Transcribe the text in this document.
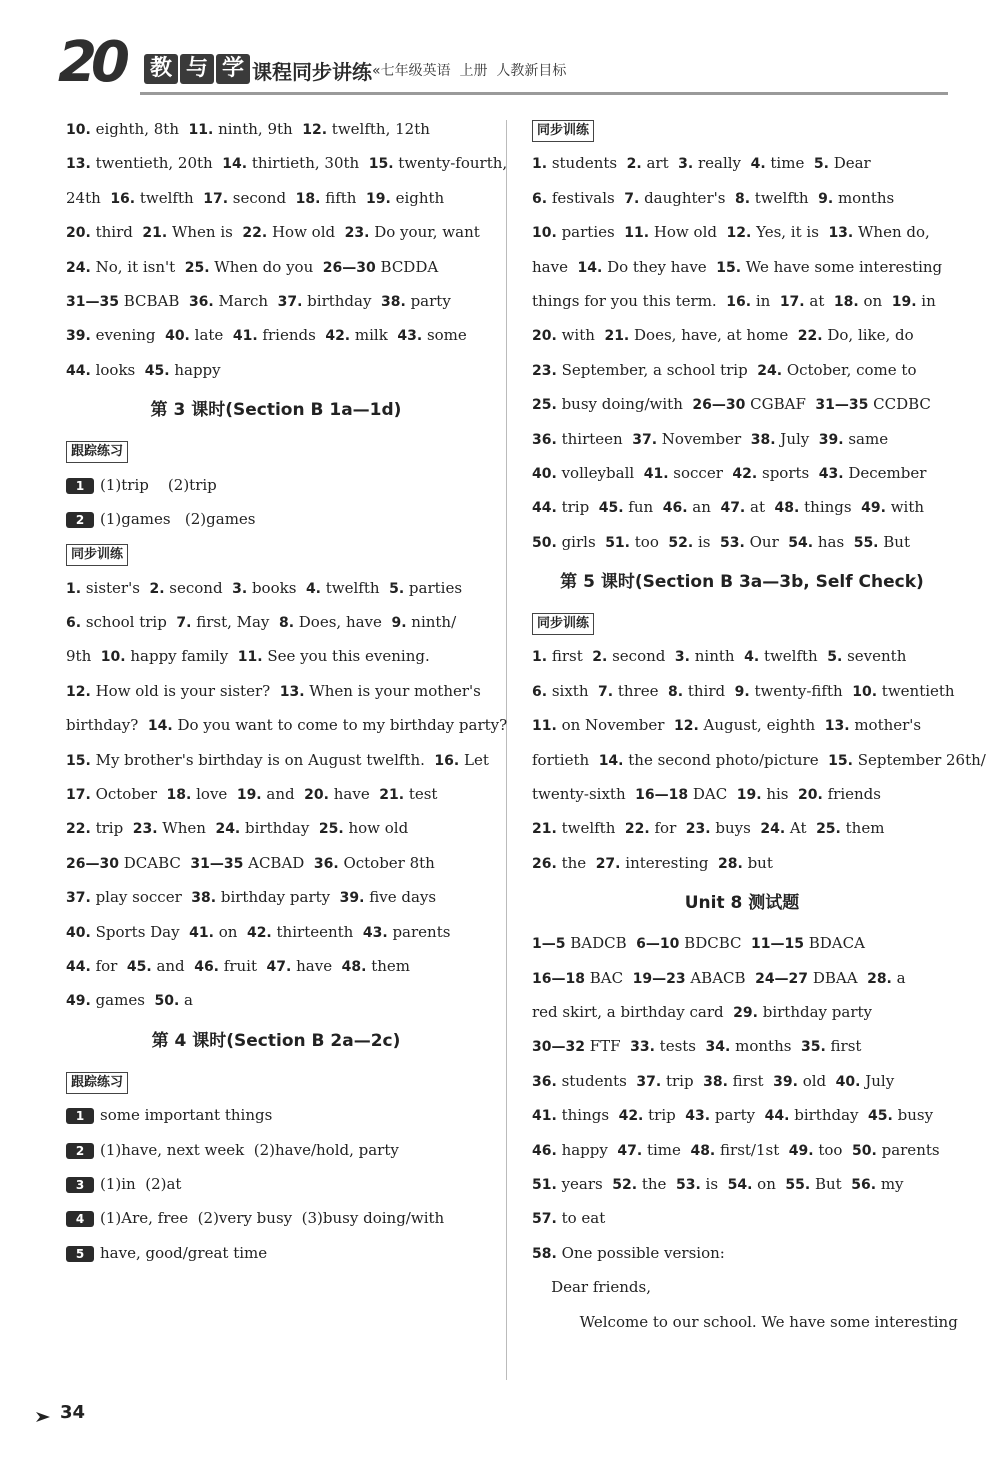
20 教 与 学 课程同步讲练 «七年级英语  上册  人教新目标
10. eighth, 8th  11. ninth, 9th  12. twelfth, 12th
13. twentieth, 20th  14. thirtieth, 30th  15. twenty-fourth,
24th  16. twelfth  17. second  18. fifth  19. eighth
20. third  21. When is  22. How old  23. Do your, want
24. No, it isn't  25. When do you  26—30 BCDDA
31—35 BCBAB  36. March  37. birthday  38. party
39. evening  40. late  41. friends  42. milk  43. some
44. looks  45. happy
第 3 课时(Section B 1a—1d)
跟踪练习
1 (1)trip    (2)trip
2 (1)games   (2)games
同步训练
1. sister's  2. second  3. books  4. twelfth  5. parties
6. school trip  7. first, May  8. Does, have  9. ninth/
9th  10. happy family  11. See you this evening.
12. How old is your sister?  13. When is your mother's
birthday?  14. Do you want to come to my birthday party?
15. My brother's birthday is on August twelfth.  16. Let
17. October  18. love  19. and  20. have  21. test
22. trip  23. When  24. birthday  25. how old
26—30 DCABC  31—35 ACBAD  36. October 8th
37. play soccer  38. birthday party  39. five days
40. Sports Day  41. on  42. thirteenth  43. parents
44. for  45. and  46. fruit  47. have  48. them
49. games  50. a
第 4 课时(Section B 2a—2c)
跟踪练习
1 some important things
2 (1)have, next week  (2)have/hold, party
3 (1)in  (2)at
4 (1)Are, free  (2)very busy  (3)busy doing/with
5 have, good/great time
同步训练
1. students  2. art  3. really  4. time  5. Dear
6. festivals  7. daughter's  8. twelfth  9. months
10. parties  11. How old  12. Yes, it is  13. When do,
have  14. Do they have  15. We have some interesting
things for you this term.  16. in  17. at  18. on  19. in
20. with  21. Does, have, at home  22. Do, like, do
23. September, a school trip  24. October, come to
25. busy doing/with  26—30 CGBAF  31—35 CCDBC
36. thirteen  37. November  38. July  39. same
40. volleyball  41. soccer  42. sports  43. December
44. trip  45. fun  46. an  47. at  48. things  49. with
50. girls  51. too  52. is  53. Our  54. has  55. But
第 5 课时(Section B 3a—3b, Self Check)
同步训练
1. first  2. second  3. ninth  4. twelfth  5. seventh
6. sixth  7. three  8. third  9. twenty-fifth  10. twentieth
11. on November  12. August, eighth  13. mother's
fortieth  14. the second photo/picture  15. September 26th/
twenty-sixth  16—18 DAC  19. his  20. friends
21. twelfth  22. for  23. buys  24. At  25. them
26. the  27. interesting  28. but
Unit 8 测试题
1—5 BADCB  6—10 BDCBC  11—15 BDACA
16—18 BAC  19—23 ABACB  24—27 DBAA  28. a
red skirt, a birthday card  29. birthday party
30—32 FTF  33. tests  34. months  35. first
36. students  37. trip  38. first  39. old  40. July
41. things  42. trip  43. party  44. birthday  45. busy
46. happy  47. time  48. first/1st  49. too  50. parents
51. years  52. the  53. is  54. on  55. But  56. my
57. to eat
58. One possible version:
Dear friends,
Welcome to our school. We have some interesting
34
